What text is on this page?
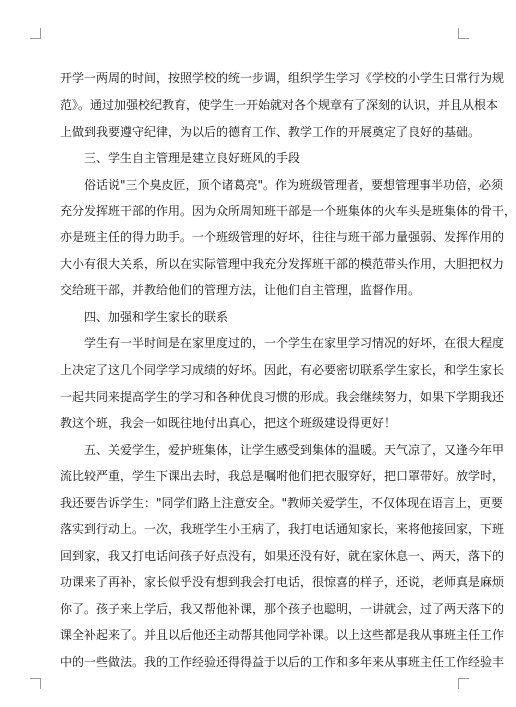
开学一两周的时间，按照学校的统一步调，组织学生学习《学校的小学生日常行为规
范》。通过加强校纪教育，使学生一开始就对各个规章有了深刻的认识，并且从根本
上做到我要遵守纪律，为以后的德育工作、教学工作的开展奠定了良好的基础。
三、学生自主管理是建立良好班风的手段
俗话说"三个臭皮匠，顶个诸葛亮"。作为班级管理者，要想管理事半功倍，必须
充分发挥班干部的作用。因为众所周知班干部是一个班集体的火车头是班集体的骨干，
亦是班主任的得力助手。一个班级管理的好坏，往往与班干部力量强弱、发挥作用的
大小有很大关系，所以在实际管理中我充分发挥班干部的模范带头作用，大胆把权力
交给班干部，并教给他们的管理方法，让他们自主管理，监督作用。
四、加强和学生家长的联系
学生有一半时间是在家里度过的，一个学生在家里学习情况的好坏，在很大程度
上决定了这几个同学学习成绩的好坏。因此，有必要密切联系学生家长，和学生家长
一起共同来提高学生的学习和各种优良习惯的形成。我会继续努力，如果下学期我还
教这个班，我会一如既往地付出真心，把这个班级建设得更好！
五、关爱学生，爱护班集体，让学生感受到集体的温暖。天气凉了，又逢今年甲
流比较严重，学生下课出去时，我总是嘱咐他们把衣服穿好，把口罩带好。放学时，
我还要告诉学生："同学们路上注意安全。"教师关爱学生，不仅体现在语言上，更要
落实到行动上。一次，我班学生小王病了，我打电话通知家长，来将他接回家，下班
回到家，我又打电话问孩子好点没有，如果还没有好，就在家休息一、两天，落下的
功课来了再补，家长似乎没有想到我会打电话，很惊喜的样子，还说，老师真是麻烦
你了。孩子来上学后，我又帮他补课，那个孩子也聪明，一讲就会，过了两天落下的
课全补起来了。并且以后他还主动帮其他同学补课。以上这些都是我从事班主任工作
中的一些做法。我的工作经验还得得益于以后的工作和多年来从事班主任工作经验丰
